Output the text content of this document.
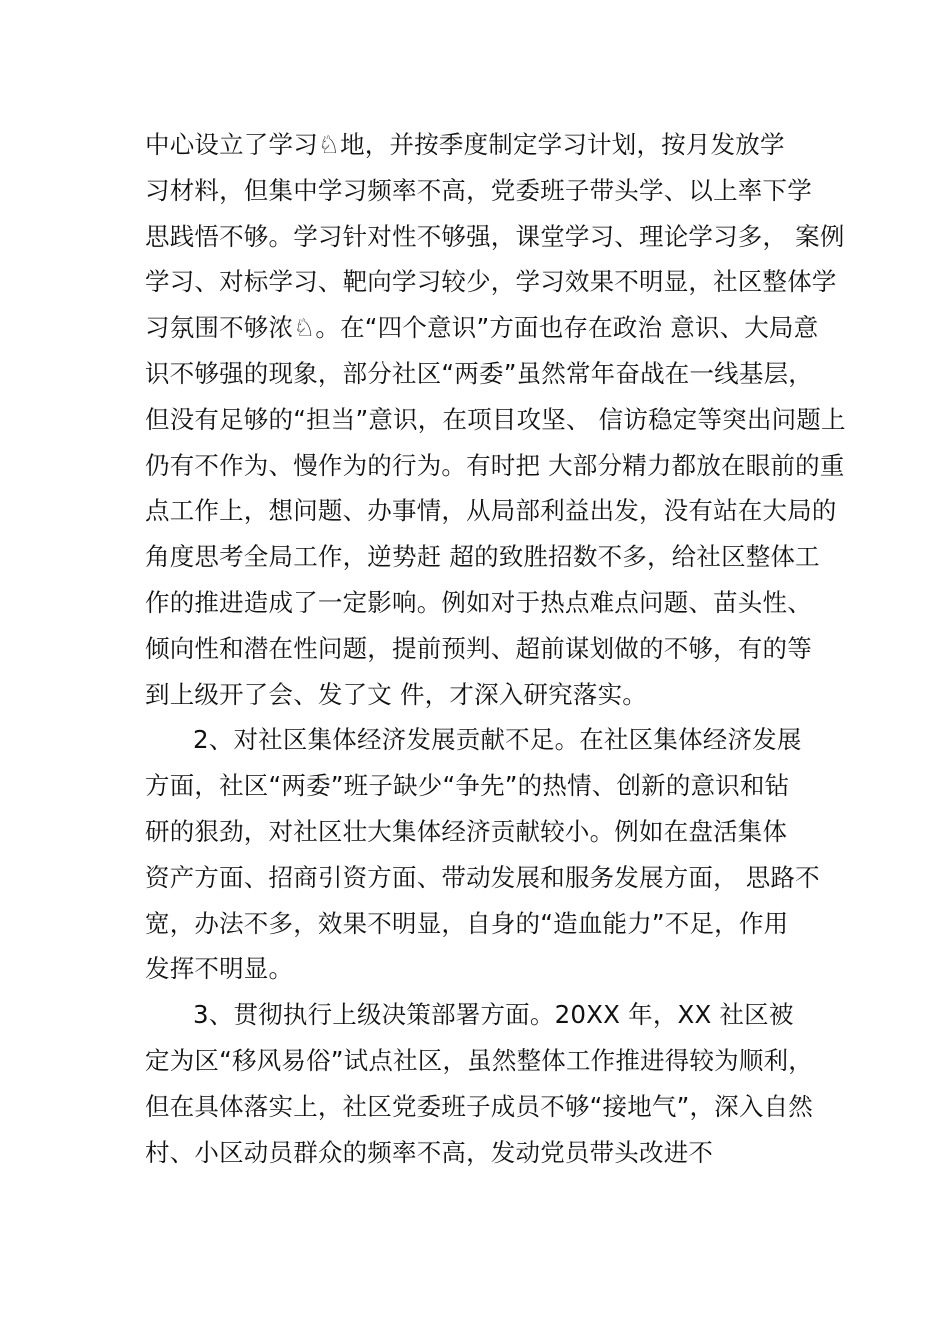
中心设立了学习♘地，并按季度制定学习计划，按月发放学
习材料，但集中学习频率不高，党委班子带头学、以上率下学
思践悟不够。学习针对性不够强，课堂学习、理论学习多， 案例
学习、对标学习、靶向学习较少，学习效果不明显，社区整体学
习氛围不够浓♘。在“四个意识”方面也存在政治 意识、大局意
识不够强的现象，部分社区“两委”虽然常年奋战在一线基层，
但没有足够的“担当”意识，在项目攻坚、 信访稳定等突出问题上
仍有不作为、慢作为的行为。有时把 大部分精力都放在眼前的重
点工作上，想问题、办事情，从局部利益出发，没有站在大局的
角度思考全局工作，逆势赶 超的致胜招数不多，给社区整体工
作的推进造成了一定影响。例如对于热点难点问题、苗头性、
倾向性和潜在性问题，提前预判、超前谋划做的不够，有的等
到上级开了会、发了文 件，才深入研究落实。
2、对社区集体经济发展贡献不足。在社区集体经济发展
方面，社区“两委”班子缺少“争先”的热情、创新的意识和钻
研的狠劲，对社区壮大集体经济贡献较小。例如在盘活集体
资产方面、招商引资方面、带动发展和服务发展方面， 思路不
宽，办法不多，效果不明显，自身的“造血能力”不足，作用
发挥不明显。
3、贯彻执行上级决策部署方面。20XX 年，XX 社区被
定为区“移风易俗”试点社区，虽然整体工作推进得较为顺利，
但在具体落实上，社区党委班子成员不够“接地气”，深入自然
村、小区动员群众的频率不高，发动党员带头改进不
